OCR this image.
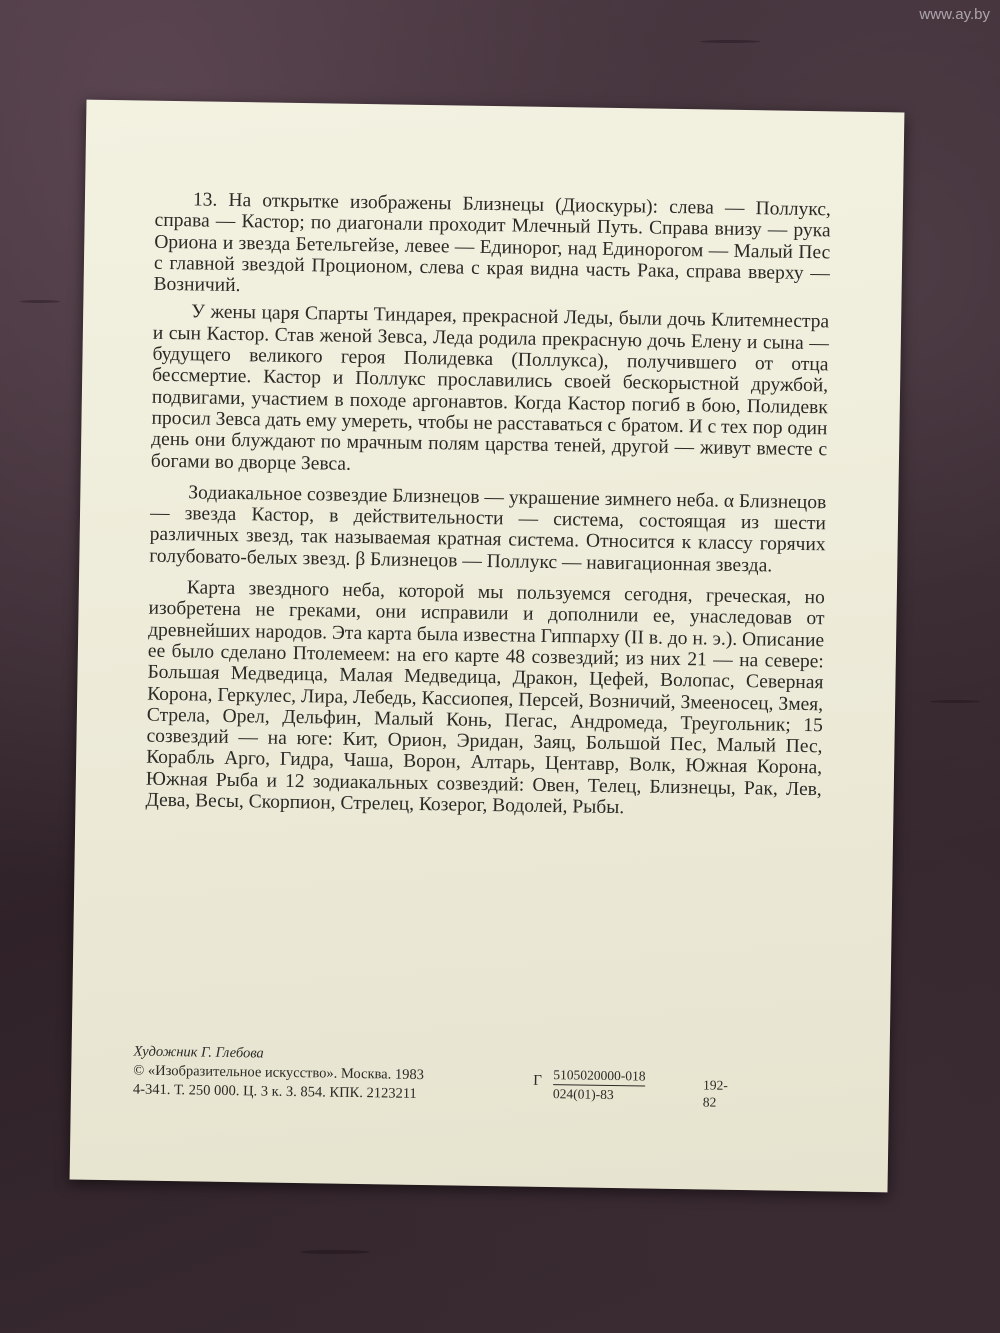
www.ay.by

13. На открытке изображены Близнецы (Диоскуры): слева — Поллукс, справа — Кастор; по диагонали проходит Млечный Путь. Справа внизу — рука Ориона и звезда Бетельгейзе, левее — Единорог, над Единорогом — Малый Пес с главной звездой Проционом, слева с края видна часть Рака, справа вверху — Возничий.

У жены царя Спарты Тиндарея, прекрасной Леды, были дочь Клитемнестра и сын Кастор. Став женой Зевса, Леда родила прекрасную дочь Елену и сына — будущего великого героя Полидевка (Поллукса), получившего от отца бессмертие. Кастор и Поллукс прославились своей бескорыстной дружбой, подвигами, участием в походе аргонавтов. Когда Кастор погиб в бою, Полидевк просил Зевса дать ему умереть, чтобы не расставаться с братом. И с тех пор один день они блуждают по мрачным полям царства теней, другой — живут вместе с богами во дворце Зевса.

Зодиакальное созвездие Близнецов — украшение зимнего неба. α Близнецов — звезда Кастор, в действительности — система, состоящая из шести различных звезд, так называемая кратная система. Относится к классу горячих голубовато-белых звезд. β Близнецов — Поллукс — навигационная звезда.

Карта звездного неба, которой мы пользуемся сегодня, греческая, но изобретена не греками, они исправили и дополнили ее, унаследовав от древнейших народов. Эта карта была известна Гиппарху (II в. до н. э.). Описание ее было сделано Птолемеем: на его карте 48 созвездий; из них 21 — на севере: Большая Медведица, Малая Медведица, Дракон, Цефей, Волопас, Северная Корона, Геркулес, Лира, Лебедь, Кассиопея, Персей, Возничий, Змееносец, Змея, Стрела, Орел, Дельфин, Малый Конь, Пегас, Андромеда, Треугольник; 15 созвездий — на юге: Кит, Орион, Эридан, Заяц, Большой Пес, Малый Пес, Корабль Арго, Гидра, Чаша, Ворон, Алтарь, Центавр, Волк, Южная Корона, Южная Рыба и 12 зодиакальных созвездий: Овен, Телец, Близнецы, Рак, Лев, Дева, Весы, Скорпион, Стрелец, Козерог, Водолей, Рыбы.

Художник Г. Глебова
© «Изобразительное искусство». Москва. 1983
4-341. Т. 250 000. Ц. 3 к. З. 854. КПК. 2123211
Г 5105020000-018
024(01)-83
192-82
